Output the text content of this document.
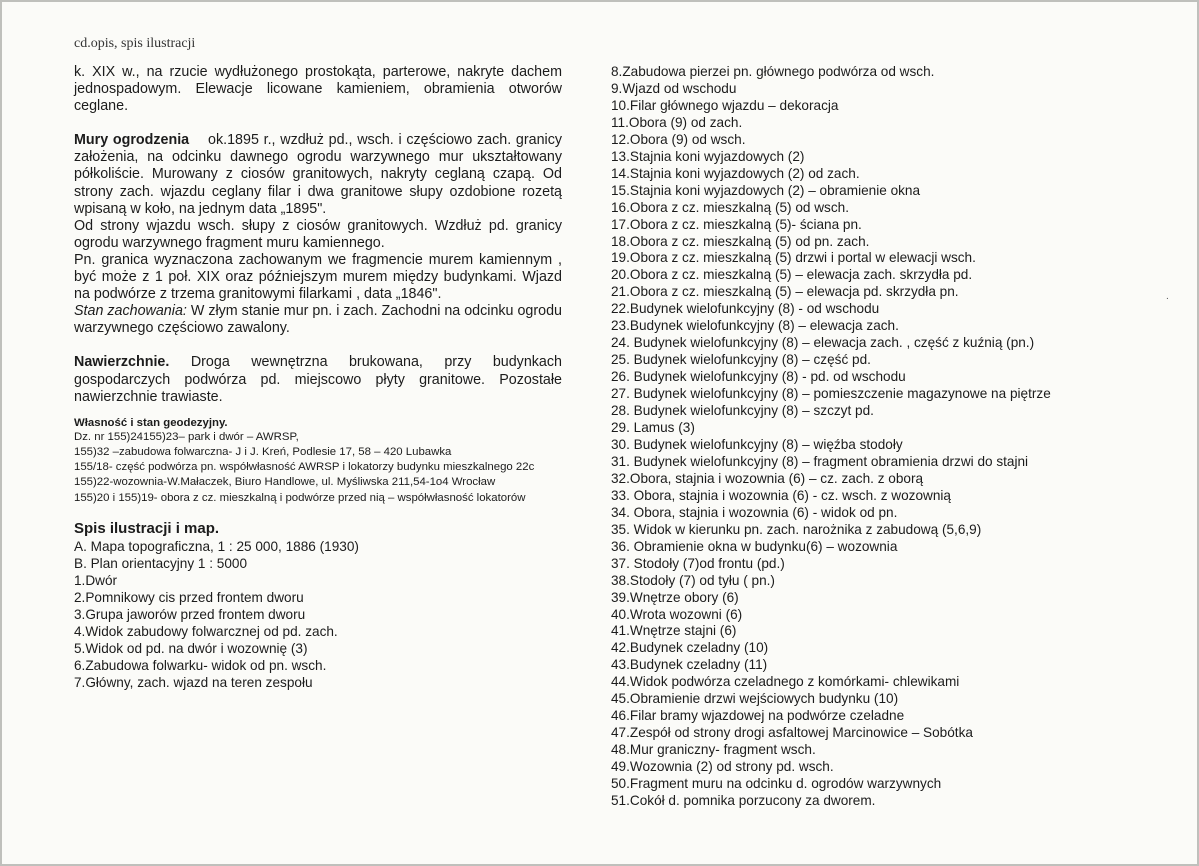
cd.opis, spis ilustracji

k. XIX w., na rzucie wydłużonego prostokąta, parterowe, nakryte dachem jednospadowym. Elewacje licowane kamieniem, obramienia otworów ceglane.

Mury ogrodzenia ok.1895 r., wzdłuż pd., wsch. i częściowo zach. granicy założenia, na odcinku dawnego ogrodu warzywnego mur ukształtowany półkoliście. Murowany z ciosów granitowych, nakryty ceglaną czapą. Od strony zach. wjazdu ceglany filar i dwa granitowe słupy ozdobione rozetą wpisaną w koło, na jednym data „1895".

Od strony wjazdu wsch. słupy z ciosów granitowych. Wzdłuż pd. granicy ogrodu warzywnego fragment muru kamiennego.

Pn. granica wyznaczona zachowanym we fragmencie murem kamiennym , być może z 1 poł. XIX oraz późniejszym murem między budynkami. Wjazd na podwórze z trzema granitowymi filarkami , data „1846".

Stan zachowania: W złym stanie mur pn. i zach. Zachodni na odcinku ogrodu warzywnego częściowo zawalony.

Nawierzchnie. Droga wewnętrzna brukowana, przy budynkach gospodarczych podwórza pd. miejscowo płyty granitowe. Pozostałe nawierzchnie trawiaste.

Własność i stan geodezyjny.

Dz. nr 155)24155)23– park i dwór – AWRSP,

155)32 –zabudowa folwarczna- J i J. Kreń, Podlesie 17, 58 – 420 Lubawka

155/18- część podwórza pn. współwłasność AWRSP i lokatorzy budynku mieszkalnego 22c

155)22-wozownia-W.Małaczek, Biuro Handlowe, ul. Myśliwska 211,54-1o4 Wrocław

155)20 i 155)19- obora z cz. mieszkalną i podwórze przed nią – współwłasność lokatorów

Spis ilustracji i map.

A. Mapa topograficzna, 1 : 25 000, 1886 (1930)

B. Plan orientacyjny 1 : 5000

1.Dwór

2.Pomnikowy cis przed frontem dworu

3.Grupa jaworów przed frontem dworu

4.Widok zabudowy folwarcznej od pd. zach.

5.Widok od pd. na dwór i wozownię (3)

6.Zabudowa folwarku- widok od pn. wsch.

7.Główny, zach. wjazd na teren zespołu

8.Zabudowa pierzei pn. głównego podwórza od wsch.

9.Wjazd od wschodu

10.Filar głównego wjazdu – dekoracja

11.Obora (9) od zach.

12.Obora (9) od wsch.

13.Stajnia koni wyjazdowych (2)

14.Stajnia koni wyjazdowych (2) od zach.

15.Stajnia koni wyjazdowych (2) – obramienie okna

16.Obora z cz. mieszkalną (5) od wsch.

17.Obora z cz. mieszkalną (5)- ściana pn.

18.Obora z cz. mieszkalną (5) od pn. zach.

19.Obora z cz. mieszkalną (5) drzwi i portal w elewacji wsch.

20.Obora z cz. mieszkalną (5) – elewacja zach. skrzydła pd.

21.Obora z cz. mieszkalną (5) – elewacja pd. skrzydła pn.

22.Budynek wielofunkcyjny (8) - od wschodu

23.Budynek wielofunkcyjny (8) – elewacja zach.

24. Budynek wielofunkcyjny (8) – elewacja zach. , część z kuźnią (pn.)

25. Budynek wielofunkcyjny (8) – część pd.

26. Budynek wielofunkcyjny (8) - pd. od wschodu

27. Budynek wielofunkcyjny (8) – pomieszczenie magazynowe na piętrze

28. Budynek wielofunkcyjny (8) – szczyt pd.

29. Lamus (3)

30. Budynek wielofunkcyjny (8) – więźba stodoły

31. Budynek wielofunkcyjny (8) – fragment obramienia drzwi do stajni

32.Obora, stajnia i wozownia (6) – cz. zach. z oborą

33. Obora, stajnia i wozownia (6) - cz. wsch. z wozownią

34. Obora, stajnia i wozownia (6) - widok od pn.

35. Widok w kierunku pn. zach. narożnika z zabudową (5,6,9)

36. Obramienie okna w budynku(6) – wozownia

37. Stodoły (7)od frontu (pd.)

38.Stodoły (7) od tyłu ( pn.)

39.Wnętrze obory (6)

40.Wrota wozowni (6)

41.Wnętrze stajni (6)

42.Budynek czeladny (10)

43.Budynek czeladny (11)

44.Widok podwórza czeladnego z komórkami- chlewikami

45.Obramienie drzwi wejściowych budynku (10)

46.Filar bramy wjazdowej na podwórze czeladne

47.Zespół od strony drogi asfaltowej Marcinowice – Sobótka

48.Mur graniczny- fragment wsch.

49.Wozownia (2) od strony pd. wsch.

50.Fragment muru na odcinku d. ogrodów warzywnych

51.Cokół d. pomnika porzucony za dworem.

.
